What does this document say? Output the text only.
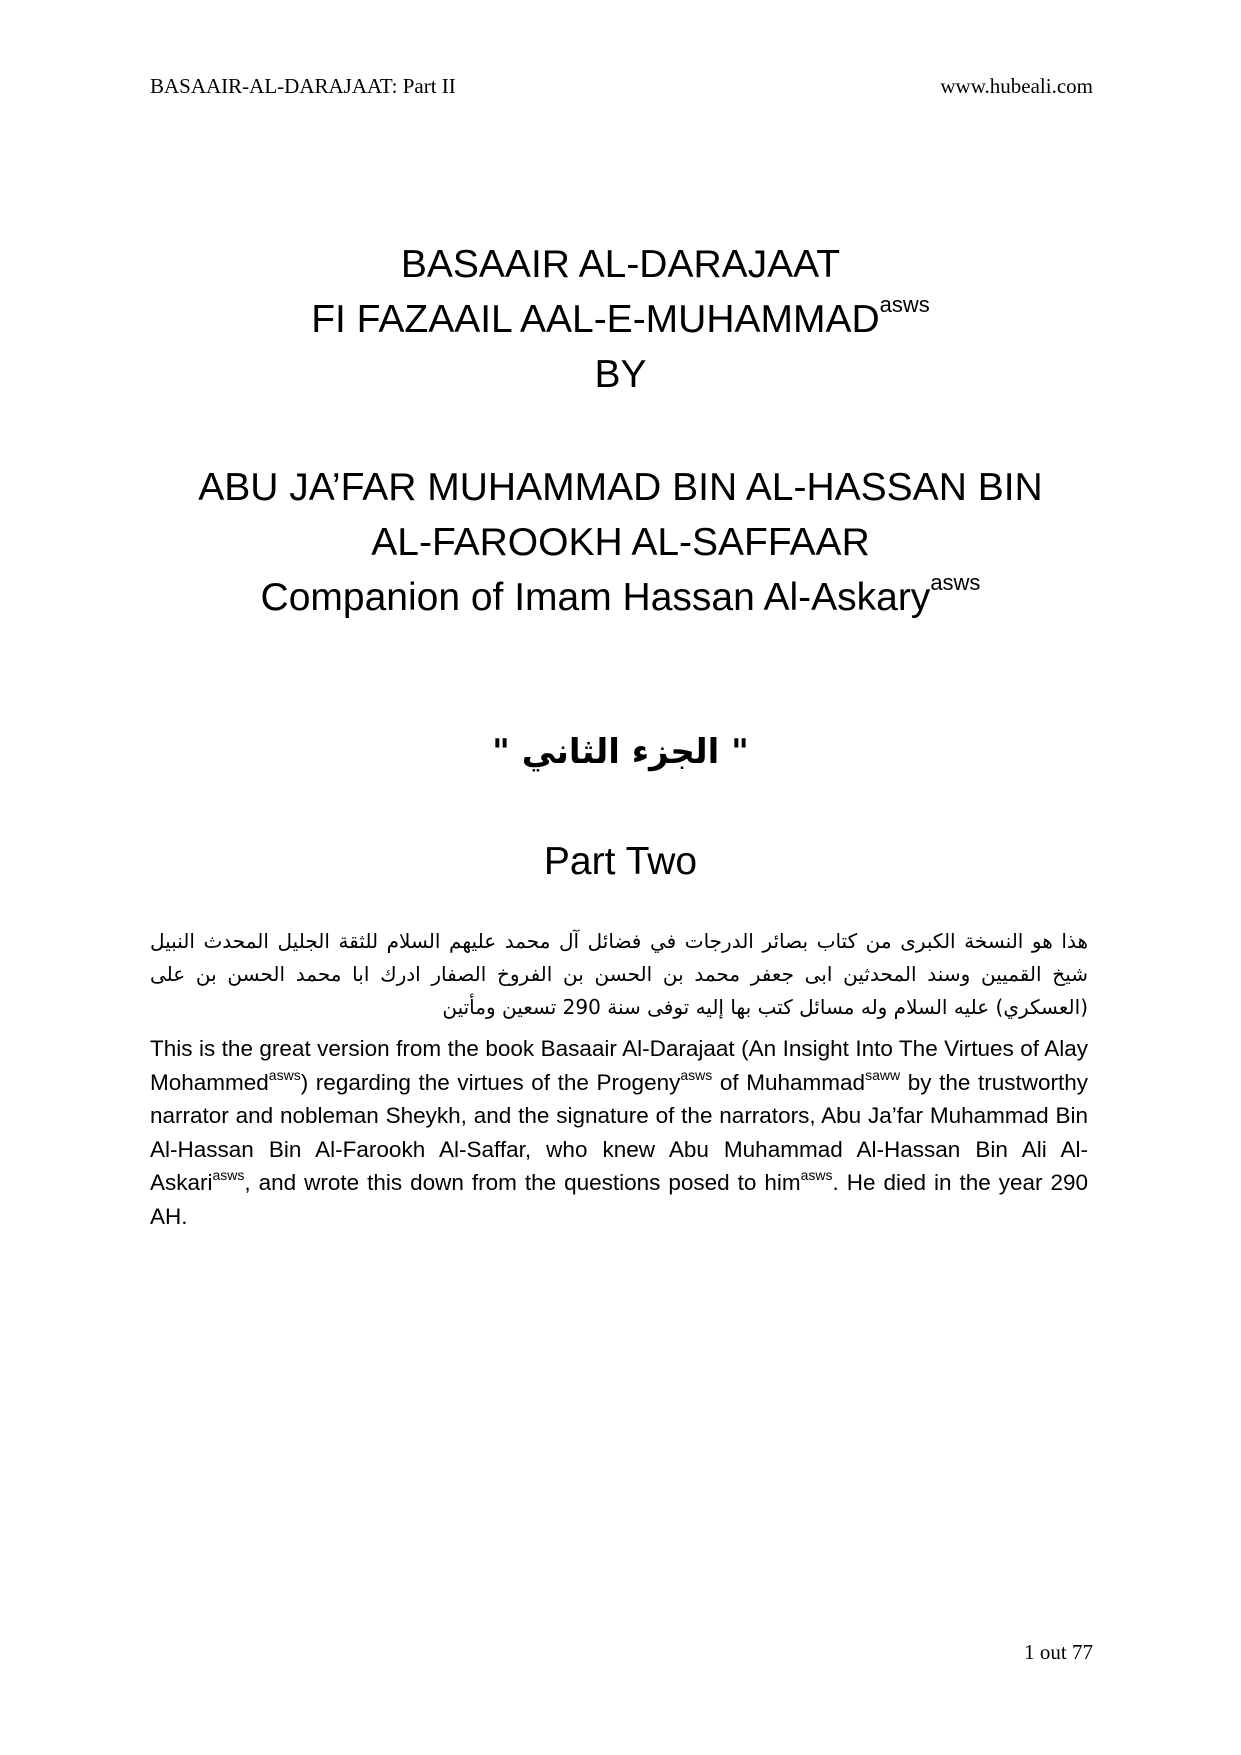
BASAAIR-AL-DARAJAAT: Part II	www.hubeali.com
BASAAIR AL-DARAJAAT
FI FAZAAIL AAL-$E-MUHAMMAD^{asws}$
BY
ABU JA’FAR MUHAMMAD BIN AL-HASSAN BIN
AL-FAROOKH AL-SAFFAAR
Companion of Imam Hassan Al-Askary$^{asws}$
" الجزء الثاني "
Part Two
هذا هو النسخة الكبرى من كتاب بصائر الدرجات في فضائل آل محمد عليهم السلام للثقة الجليل المحدث النبيل شيخ القميين وسند المحدثين ابى جعفر محمد بن الحسن بن الفروخ الصفار ادرك ابا محمد الحسن بن على (العسكري) عليه السلام وله مسائل كتب بها إليه توفى سنة 290 تسعين ومأتين
This is the great version from the book Basaair Al-Darajaat (An Insight Into The Virtues of Alay Mohammed$^{asws}$) regarding the virtues of the Progeny$^{asws}$ of Muhammad$^{saww}$ by the trustworthy narrator and nobleman Sheykh, and the signature of the narrators, Abu Ja’far Muhammad Bin Al-Hassan Bin Al-Farookh Al-Saffar, who knew Abu Muhammad Al-Hassan Bin Ali Al-Askari$^{asws}$, and wrote this down from the questions posed to him$^{asws}$. He died in the year 290 AH.
1 out 77
